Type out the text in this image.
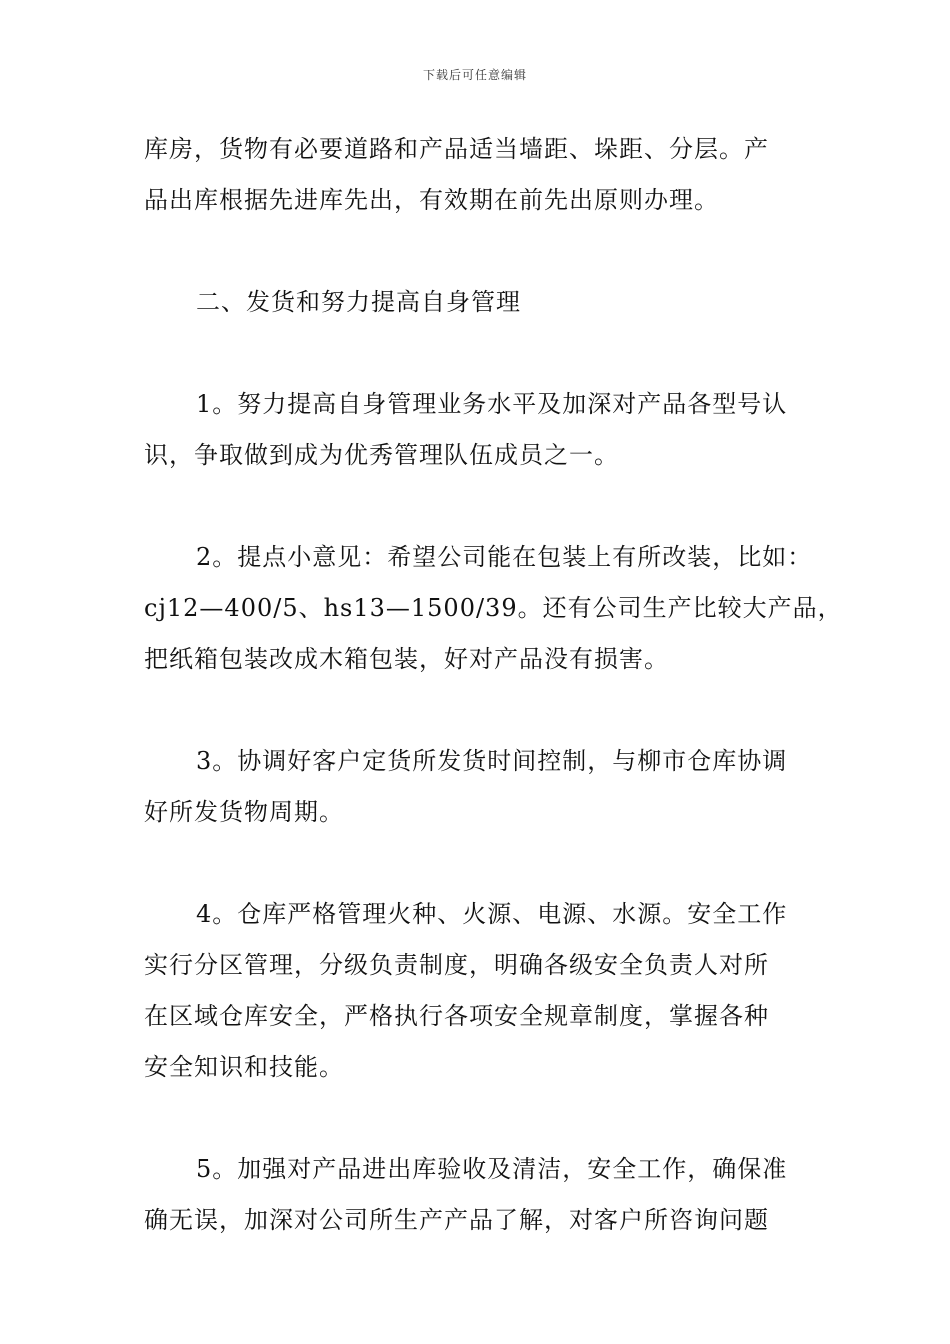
下载后可任意编辑
库房，货物有必要道路和产品适当墙距、垛距、分层。产
品出库根据先进库先出，有效期在前先出原则办理。
二、发货和努力提高自身管理
1。努力提高自身管理业务水平及加深对产品各型号认
识，争取做到成为优秀管理队伍成员之一。
2。提点小意见：希望公司能在包装上有所改装，比如：
cj12—400/5、hs13—1500/39。还有公司生产比较大产品，
把纸箱包装改成木箱包装，好对产品没有损害。
3。协调好客户定货所发货时间控制，与柳市仓库协调
好所发货物周期。
4。仓库严格管理火种、火源、电源、水源。安全工作
实行分区管理，分级负责制度，明确各级安全负责人对所
在区域仓库安全，严格执行各项安全规章制度，掌握各种
安全知识和技能。
5。加强对产品进出库验收及清洁，安全工作，确保准
确无误，加深对公司所生产产品了解，对客户所咨询问题
